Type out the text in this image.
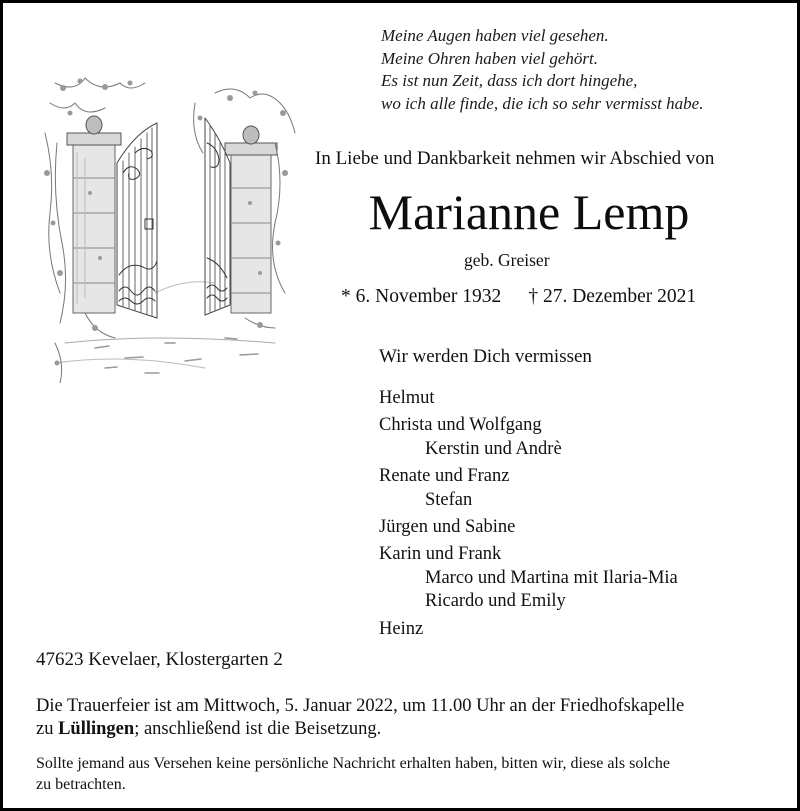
Meine Augen haben viel gesehen.
Meine Ohren haben viel gehört.
Es ist nun Zeit, dass ich dort hingehe,
wo ich alle finde, die ich so sehr vermisst habe.
In Liebe und Dankbarkeit nehmen wir Abschied von
Marianne Lemp
geb. Greiser
* 6. November 1932 † 27. Dezember 2021
Wir werden Dich vermissen
Helmut
Christa und Wolfgang
Kerstin und Andrè
Renate und Franz
Stefan
Jürgen und Sabine
Karin und Frank
Marco und Martina mit Ilaria-Mia
Ricardo und Emily
Heinz
47623 Kevelaer, Klostergarten 2
Die Trauerfeier ist am Mittwoch, 5. Januar 2022, um 11.00 Uhr an der Friedhofskapelle
zu Lüllingen; anschließend ist die Beisetzung.
Sollte jemand aus Versehen keine persönliche Nachricht erhalten haben, bitten wir, diese als solche
zu betrachten.
